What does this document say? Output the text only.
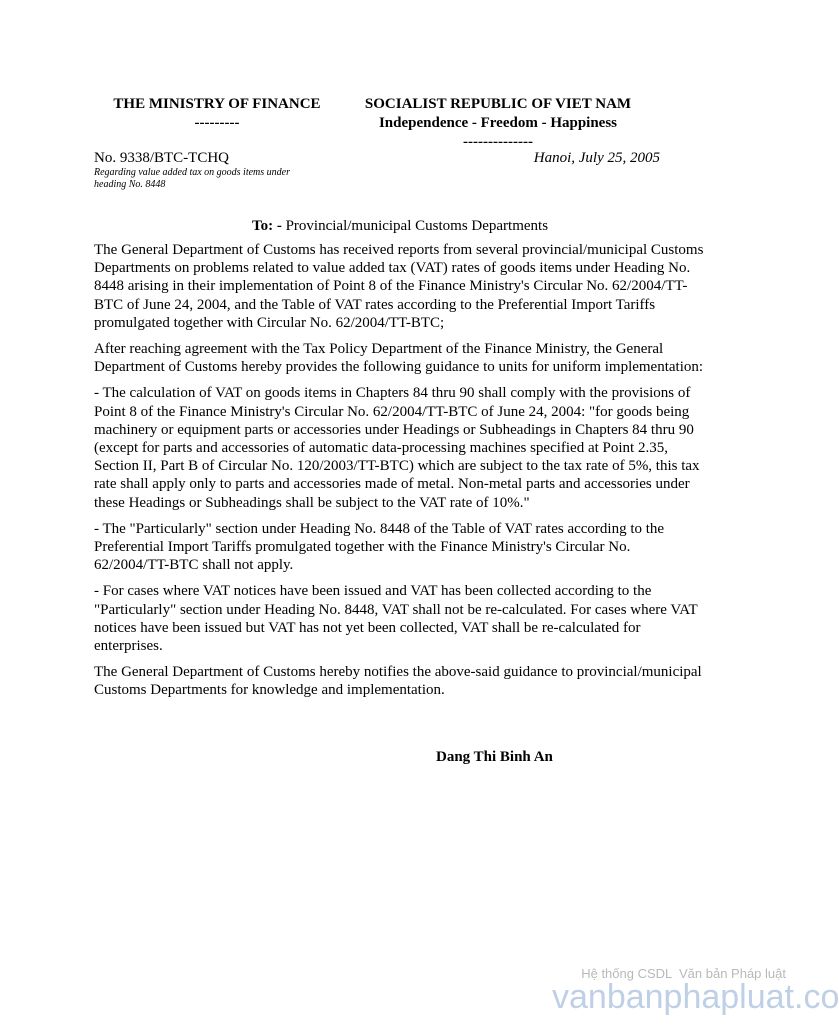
THE MINISTRY OF FINANCE
---------
SOCIALIST REPUBLIC OF VIET NAM
Independence - Freedom - Happiness
--------------
No. 9338/BTC-TCHQ
Regarding value added tax on goods items under heading No. 8448
Hanoi, July 25, 2005
To: - Provincial/municipal Customs Departments

The General Department of Customs has received reports from several provincial/municipal Customs Departments on problems related to value added tax (VAT) rates of goods items under Heading No. 8448 arising in their implementation of Point 8 of the Finance Ministry's Circular No. 62/2004/TT-BTC of June 24, 2004, and the Table of VAT rates according to the Preferential Import Tariffs promulgated together with Circular No. 62/2004/TT-BTC;

After reaching agreement with the Tax Policy Department of the Finance Ministry, the General Department of Customs hereby provides the following guidance to units for uniform implementation:

- The calculation of VAT on goods items in Chapters 84 thru 90 shall comply with the provisions of Point 8 of the Finance Ministry's Circular No. 62/2004/TT-BTC of June 24, 2004: "for goods being machinery or equipment parts or accessories under Headings or Subheadings in Chapters 84 thru 90 (except for parts and accessories of automatic data-processing machines specified at Point 2.35, Section II, Part B of Circular No. 120/2003/TT-BTC) which are subject to the tax rate of 5%, this tax rate shall apply only to parts and accessories made of metal. Non-metal parts and accessories under these Headings or Subheadings shall be subject to the VAT rate of 10%."

- The "Particularly" section under Heading No. 8448 of the Table of VAT rates according to the Preferential Import Tariffs promulgated together with the Finance Ministry's Circular No. 62/2004/TT-BTC shall not apply.

- For cases where VAT notices have been issued and VAT has been collected according to the "Particularly" section under Heading No. 8448, VAT shall not be re-calculated. For cases where VAT notices have been issued but VAT has not yet been collected, VAT shall be re-calculated for enterprises.

The General Department of Customs hereby notifies the above-said guidance to provincial/municipal Customs Departments for knowledge and implementation.

Dang Thi Binh An
Hệ thống CSDL  Văn bản Pháp luật
vanbanphapluat.co
